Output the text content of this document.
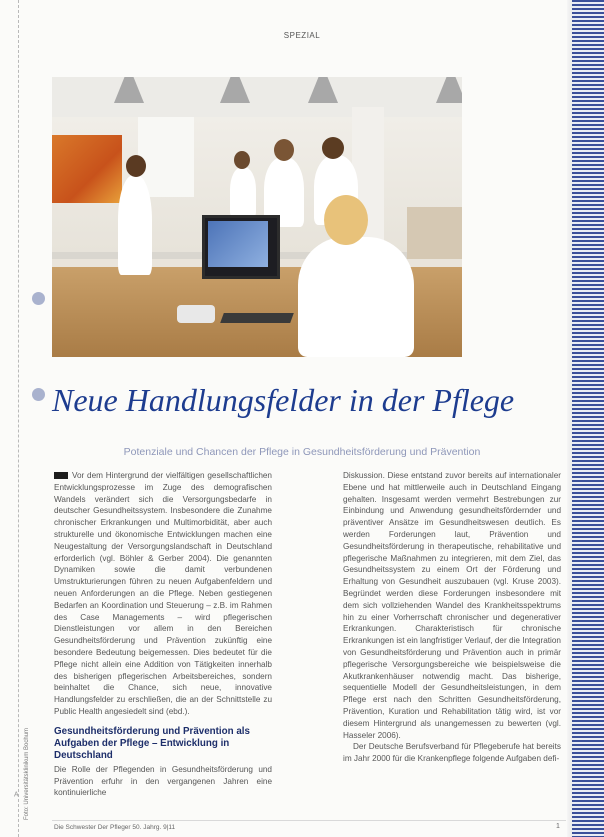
SPEZIAL
Neue Handlungsfelder in der Pflege
Potenziale und Chancen der Pflege in Gesundheitsförderung und Prävention

Vor dem Hintergrund der vielfältigen gesellschaftlichen Entwicklungsprozesse im Zuge des demografischen Wandels verändert sich die Versorgungsbedarfe in deutscher Gesundheitssystem. Insbesondere die Zunahme chronischer Erkrankungen und Multimorbidität, aber auch strukturelle und ökonomische Entwicklungen machen eine Neugestaltung der Versorgungslandschaft in Deutschland erforderlich (vgl. Böhler & Gerber 2004). Die genannten Dynamiken sowie die damit verbundenen Umstrukturierungen führen zu neuen Aufgabenfeldern und neuen Anforderungen an die Pflege. Neben gestiegenen Bedarfen an Koordination und Steuerung – z.B. im Rahmen des Case Managements – wird pflegerischen Dienstleistungen vor allem in den Bereichen Gesundheitsförderung und Prävention zukünftig eine besondere Bedeutung beigemessen. Dies bedeutet für die Pflege nicht allein eine Addition von Tätigkeiten innerhalb des bisherigen pflegerischen Arbeitsbereiches, sondern beinhaltet die Chance, sich neue, innovative Handlungsfelder zu erschließen, die an der Schnittstelle zu Public Health angesiedelt sind (ebd.).

Gesundheitsförderung und Prävention als Aufgaben der Pflege – Entwicklung in Deutschland

Die Rolle der Pflegenden in Gesundheitsförderung und Prävention erfuhr in den vergangenen Jahren eine kontinuierliche

Diskussion. Diese entstand zuvor bereits auf internationaler Ebene und hat mittlerweile auch in Deutschland Eingang gehalten. Insgesamt werden vermehrt Bestrebungen zur Einbindung und Anwendung gesundheitsfördernder und präventiver Ansätze im Gesundheitswesen deutlich. Es werden Forderungen laut, Prävention und Gesundheitsförderung in therapeutische, rehabilitative und pflegerische Maßnahmen zu integrieren, mit dem Ziel, das Gesundheitssystem zu einem Ort der Förderung und Erhaltung von Gesundheit auszubauen (vgl. Kruse 2003). Begründet werden diese Forderungen insbesondere mit dem sich vollziehenden Wandel des Krankheitsspektrums hin zu einer Vorherrschaft chronischer und degenerativer Erkrankungen. Charakteristisch für chronische Erkrankungen ist ein langfristiger Verlauf, der die Integration von Gesundheitsförderung und Prävention auch in primär pflegerische Versorgungsbereiche wie beispielsweise die Akutkrankenhäuser notwendig macht. Das bisherige, sequentielle Modell der Gesundheitsleistungen, in dem Pflege erst nach den Schritten Gesundheitsförderung, Prävention, Kuration und Rehabilitation tätig wird, ist vor diesem Hintergrund als unangemessen zu bewerten (vgl. Hasseler 2006).

Der Deutsche Berufsverband für Pflegeberufe hat bereits im Jahr 2000 für die Krankenpflege folgende Aufgaben defi-

Foto: Universitätsklinikum Bochum
ᴬ
Die Schwester Der Pfleger 50. Jahrg. 9|11	1
